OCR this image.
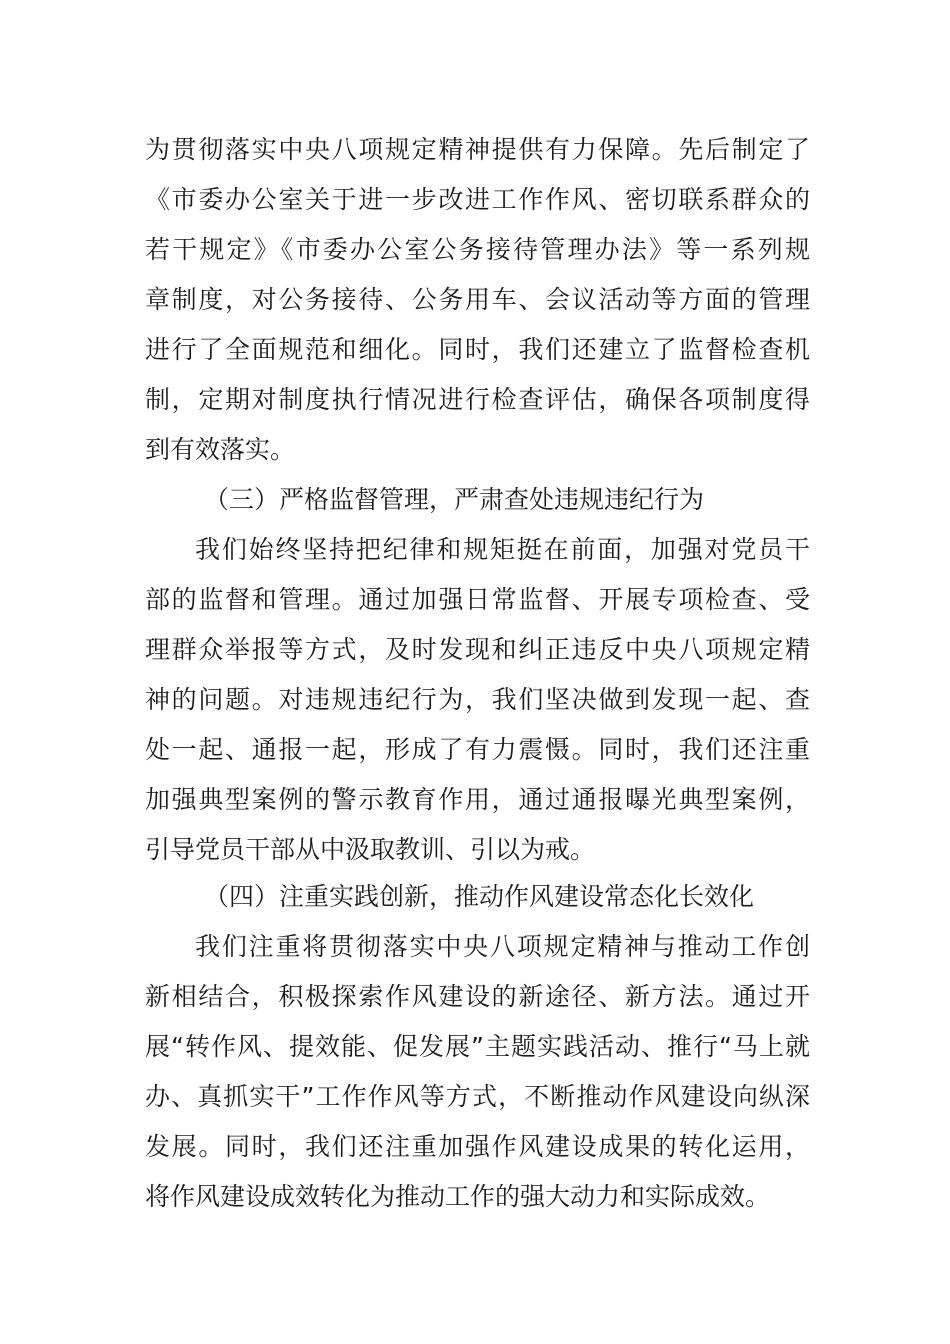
为贯彻落实中央八项规定精神提供有力保障。先后制定了
《市委办公室关于进一步改进工作作风、密切联系群众的
若干规定》《市委办公室公务接待管理办法》等一系列规
章制度，对公务接待、公务用车、会议活动等方面的管理
进行了全面规范和细化。同时，我们还建立了监督检查机
制，定期对制度执行情况进行检查评估，确保各项制度得
到有效落实。
（三）严格监督管理，严肃查处违规违纪行为
我们始终坚持把纪律和规矩挺在前面，加强对党员干
部的监督和管理。通过加强日常监督、开展专项检查、受
理群众举报等方式，及时发现和纠正违反中央八项规定精
神的问题。对违规违纪行为，我们坚决做到发现一起、查
处一起、通报一起，形成了有力震慑。同时，我们还注重
加强典型案例的警示教育作用，通过通报曝光典型案例，
引导党员干部从中汲取教训、引以为戒。
（四）注重实践创新，推动作风建设常态化长效化
我们注重将贯彻落实中央八项规定精神与推动工作创
新相结合，积极探索作风建设的新途径、新方法。通过开
展“转作风、提效能、促发展”主题实践活动、推行“马上就
办、真抓实干”工作作风等方式，不断推动作风建设向纵深
发展。同时，我们还注重加强作风建设成果的转化运用，
将作风建设成效转化为推动工作的强大动力和实际成效。
